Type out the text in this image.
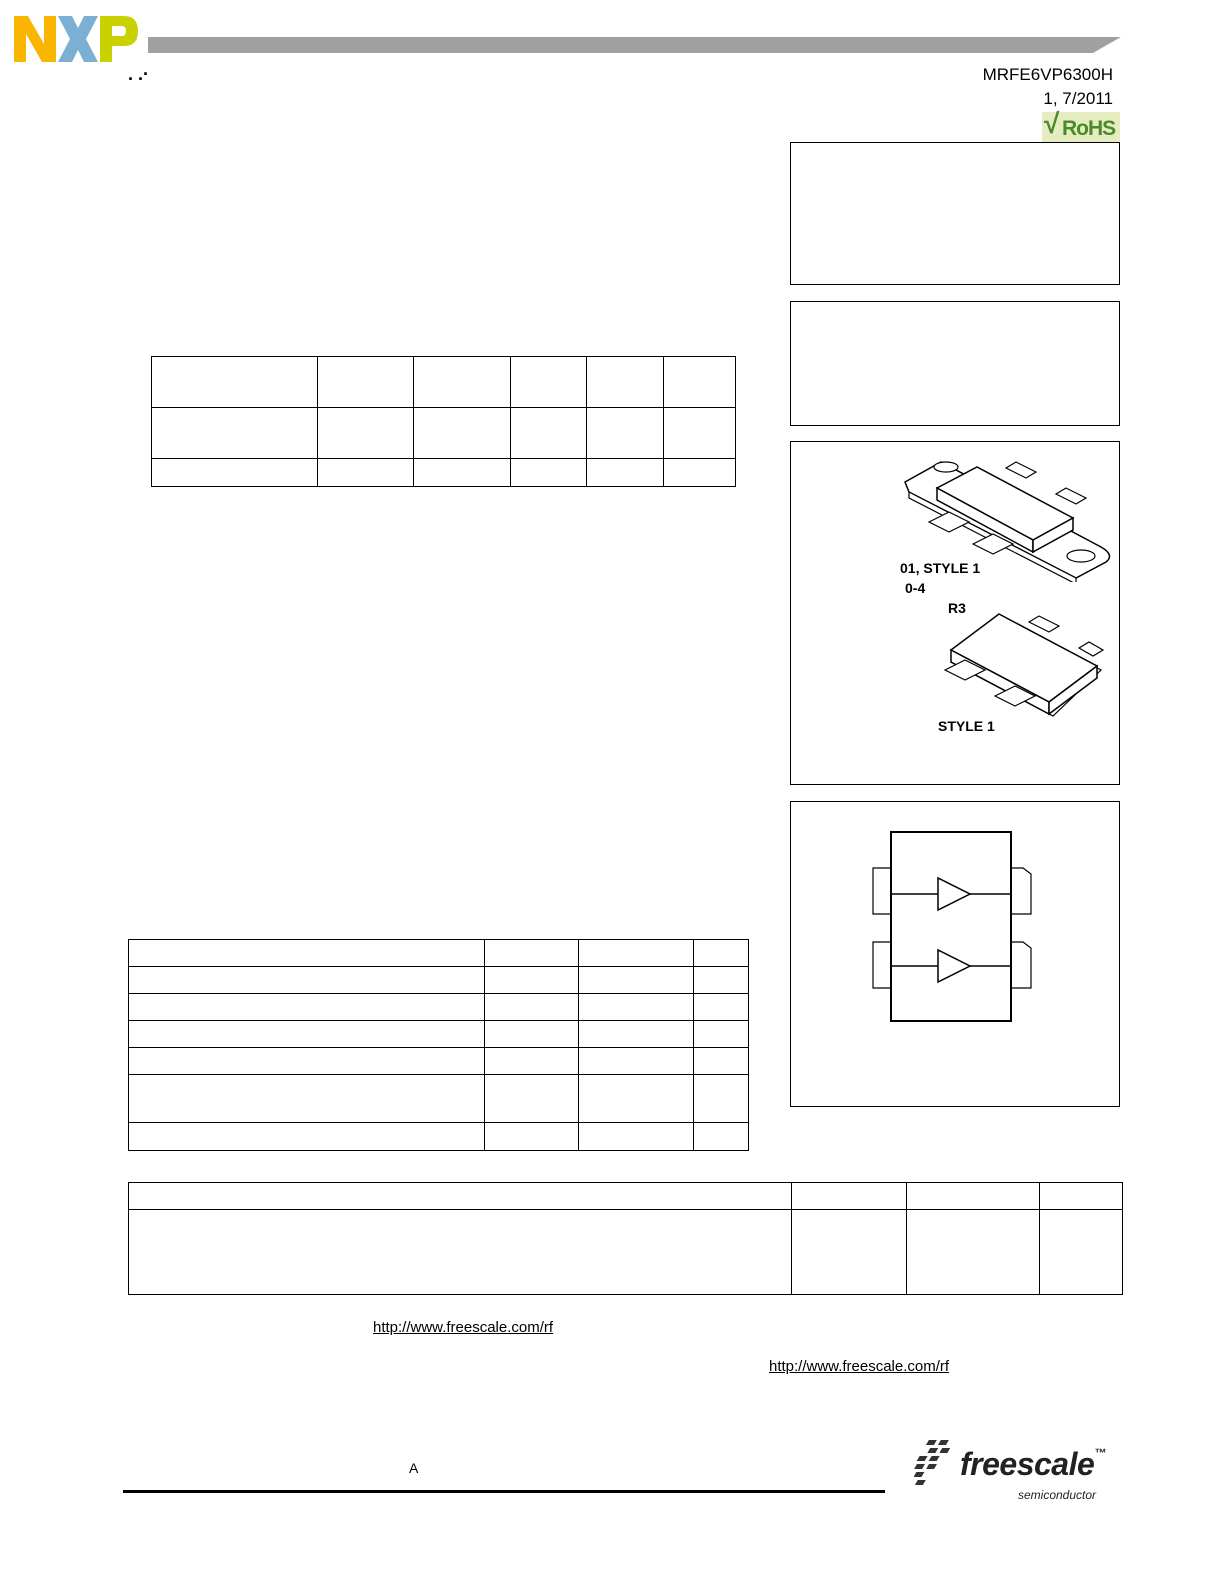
. .·	MRFE6VP6300H
1, 7/2011
√ RoHS
01, STYLE 1
0-4
R3
STYLE 1

http://www.freescale.com/rf
http://www.freescale.com/rf
A	freescale™
semiconductor
